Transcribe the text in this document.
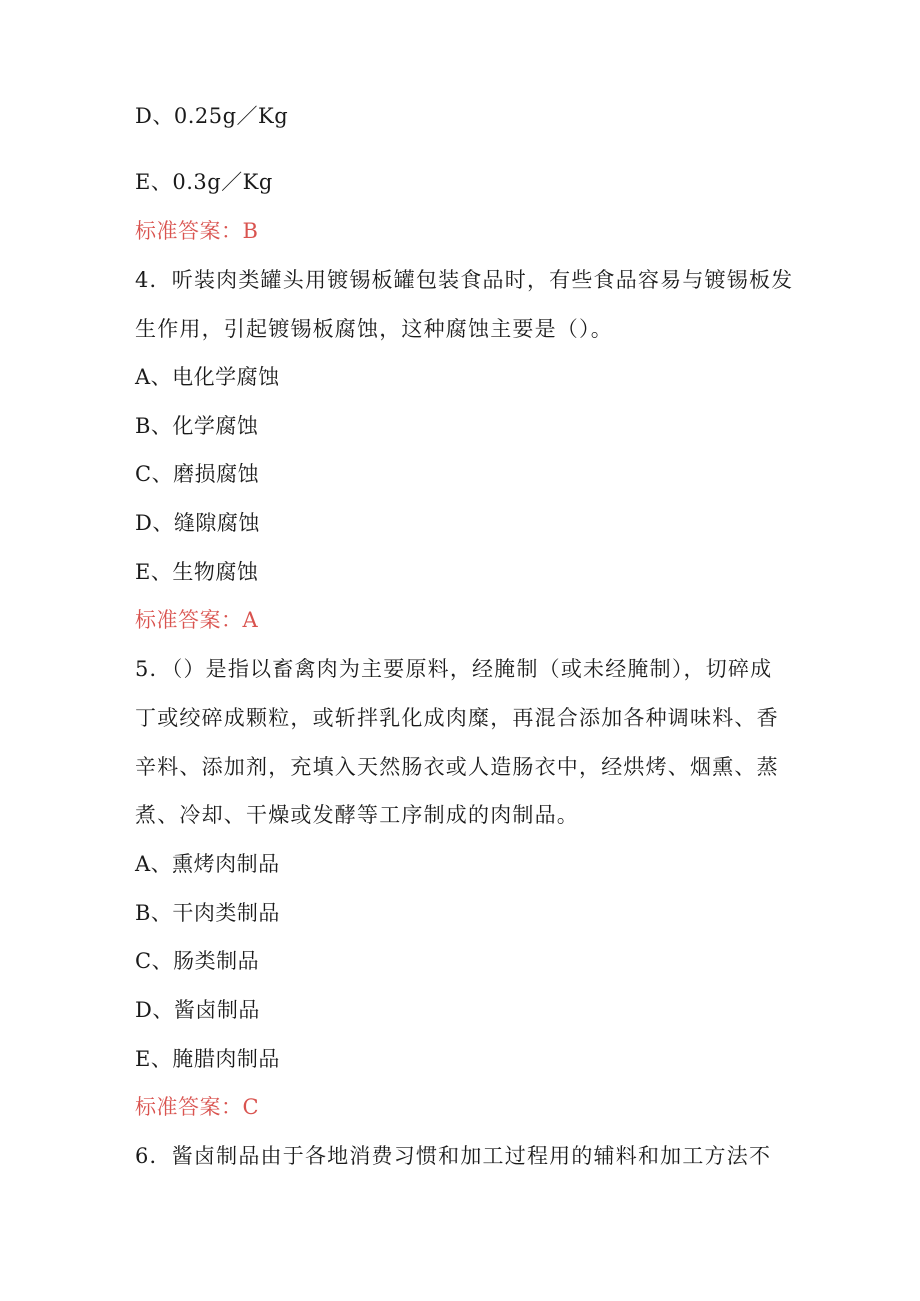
D、0.25g／Kg
E、0.3g／Kg
标准答案：B
4．听装肉类罐头用镀锡板罐包装食品时，有些食品容易与镀锡板发
生作用，引起镀锡板腐蚀，这种腐蚀主要是（）。
A、电化学腐蚀
B、化学腐蚀
C、磨损腐蚀
D、缝隙腐蚀
E、生物腐蚀
标准答案：A
5．（）是指以畜禽肉为主要原料，经腌制（或未经腌制），切碎成
丁或绞碎成颗粒，或斩拌乳化成肉糜，再混合添加各种调味料、香
辛料、添加剂，充填入天然肠衣或人造肠衣中，经烘烤、烟熏、蒸
煮、冷却、干燥或发酵等工序制成的肉制品。
A、熏烤肉制品
B、干肉类制品
C、肠类制品
D、酱卤制品
E、腌腊肉制品
标准答案：C
6．酱卤制品由于各地消费习惯和加工过程用的辅料和加工方法不
